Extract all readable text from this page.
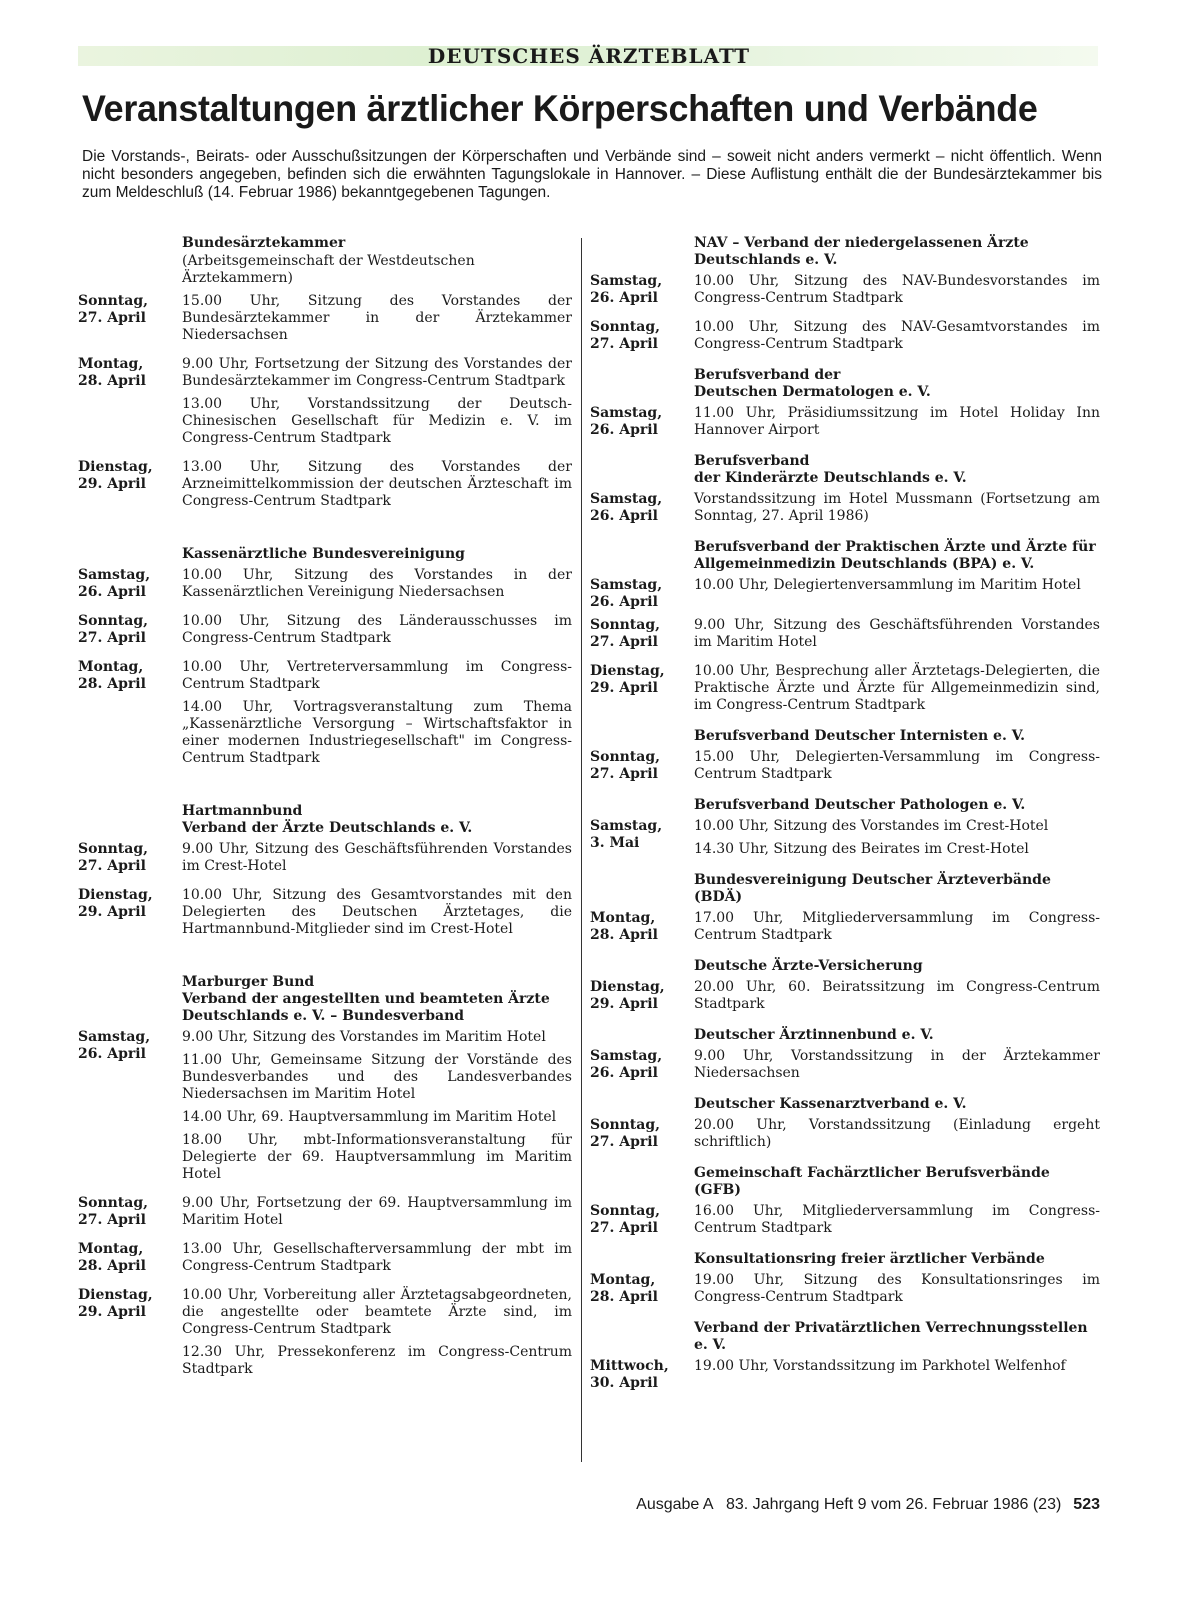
DEUTSCHES ÄRZTEBLATT
Veranstaltungen ärztlicher Körperschaften und Verbände
Die Vorstands-, Beirats- oder Ausschußsitzungen der Körperschaften und Verbände sind – soweit nicht anders vermerkt – nicht öffentlich. Wenn nicht besonders angegeben, befinden sich die erwähnten Tagungslokale in Hannover. – Diese Auflistung enthält die der Bundesärztekammer bis zum Meldeschluß (14. Februar 1986) bekanntgegebenen Tagungen.
Bundesärztekammer
(Arbeitsgemeinschaft der Westdeutschen Ärztekammern)
Sonntag,
27. April
15.00 Uhr, Sitzung des Vorstandes der Bundesärztekammer in der Ärztekammer Niedersachsen
Montag,
28. April
9.00 Uhr, Fortsetzung der Sitzung des Vorstandes der Bundesärztekammer im Congress-Centrum Stadtpark
13.00 Uhr, Vorstandssitzung der Deutsch-Chinesischen Gesellschaft für Medizin e. V. im Congress-Centrum Stadtpark
Dienstag,
29. April
13.00 Uhr, Sitzung des Vorstandes der Arzneimittelkommission der deutschen Ärzteschaft im Congress-Centrum Stadtpark
Kassenärztliche Bundesvereinigung
Samstag,
26. April
10.00 Uhr, Sitzung des Vorstandes in der Kassenärztlichen Vereinigung Niedersachsen
Sonntag,
27. April
10.00 Uhr, Sitzung des Länderausschusses im Congress-Centrum Stadtpark
Montag,
28. April
10.00 Uhr, Vertreterversammlung im Congress-Centrum Stadtpark
14.00 Uhr, Vortragsveranstaltung zum Thema „Kassenärztliche Versorgung – Wirtschaftsfaktor in einer modernen Industriegesellschaft" im Congress-Centrum Stadtpark
Hartmannbund
Verband der Ärzte Deutschlands e. V.
Sonntag,
27. April
9.00 Uhr, Sitzung des Geschäftsführenden Vorstandes im Crest-Hotel
Dienstag,
29. April
10.00 Uhr, Sitzung des Gesamtvorstandes mit den Delegierten des Deutschen Ärztetages, die Hartmannbund-Mitglieder sind im Crest-Hotel
Marburger Bund
Verband der angestellten und beamteten Ärzte Deutschlands e. V. – Bundesverband
Samstag,
26. April
9.00 Uhr, Sitzung des Vorstandes im Maritim Hotel
11.00 Uhr, Gemeinsame Sitzung der Vorstände des Bundesverbandes und des Landesverbandes Niedersachsen im Maritim Hotel
14.00 Uhr, 69. Hauptversammlung im Maritim Hotel
18.00 Uhr, mbt-Informationsveranstaltung für Delegierte der 69. Hauptversammlung im Maritim Hotel
Sonntag,
27. April
9.00 Uhr, Fortsetzung der 69. Hauptversammlung im Maritim Hotel
Montag,
28. April
13.00 Uhr, Gesellschafterversammlung der mbt im Congress-Centrum Stadtpark
Dienstag,
29. April
10.00 Uhr, Vorbereitung aller Ärztetagsabgeordneten, die angestellte oder beamtete Ärzte sind, im Congress-Centrum Stadtpark
12.30 Uhr, Pressekonferenz im Congress-Centrum Stadtpark
NAV – Verband der niedergelassenen Ärzte Deutschlands e. V.
Samstag,
26. April
10.00 Uhr, Sitzung des NAV-Bundesvorstandes im Congress-Centrum Stadtpark
Sonntag,
27. April
10.00 Uhr, Sitzung des NAV-Gesamtvorstandes im Congress-Centrum Stadtpark
Berufsverband der
Deutschen Dermatologen e. V.
Samstag,
26. April
11.00 Uhr, Präsidiumssitzung im Hotel Holiday Inn Hannover Airport
Berufsverband
der Kinderärzte Deutschlands e. V.
Samstag,
26. April
Vorstandssitzung im Hotel Mussmann (Fortsetzung am Sonntag, 27. April 1986)
Berufsverband der Praktischen Ärzte und Ärzte für Allgemeinmedizin Deutschlands (BPA) e. V.
Samstag,
26. April
10.00 Uhr, Delegiertenversammlung im Maritim Hotel
Sonntag,
27. April
9.00 Uhr, Sitzung des Geschäftsführenden Vorstandes im Maritim Hotel
Dienstag,
29. April
10.00 Uhr, Besprechung aller Ärztetags-Delegierten, die Praktische Ärzte und Ärzte für Allgemeinmedizin sind, im Congress-Centrum Stadtpark
Berufsverband Deutscher Internisten e. V.
Sonntag,
27. April
15.00 Uhr, Delegierten-Versammlung im Congress-Centrum Stadtpark
Berufsverband Deutscher Pathologen e. V.
Samstag,
3. Mai
10.00 Uhr, Sitzung des Vorstandes im Crest-Hotel
14.30 Uhr, Sitzung des Beirates im Crest-Hotel
Bundesvereinigung Deutscher Ärzteverbände (BDÄ)
Montag,
28. April
17.00 Uhr, Mitgliederversammlung im Congress-Centrum Stadtpark
Deutsche Ärzte-Versicherung
Dienstag,
29. April
20.00 Uhr, 60. Beiratssitzung im Congress-Centrum Stadtpark
Deutscher Ärztinnenbund e. V.
Samstag,
26. April
9.00 Uhr, Vorstandssitzung in der Ärztekammer Niedersachsen
Deutscher Kassenarztverband e. V.
Sonntag,
27. April
20.00 Uhr, Vorstandssitzung (Einladung ergeht schriftlich)
Gemeinschaft Fachärztlicher Berufsverbände (GFB)
Sonntag,
27. April
16.00 Uhr, Mitgliederversammlung im Congress-Centrum Stadtpark
Konsultationsring freier ärztlicher Verbände
Montag,
28. April
19.00 Uhr, Sitzung des Konsultationsringes im Congress-Centrum Stadtpark
Verband der Privatärztlichen Verrechnungsstellen e. V.
Mittwoch,
30. April
19.00 Uhr, Vorstandssitzung im Parkhotel Welfenhof
Ausgabe A   83. Jahrgang Heft 9 vom 26. Februar 1986 (23) 523
